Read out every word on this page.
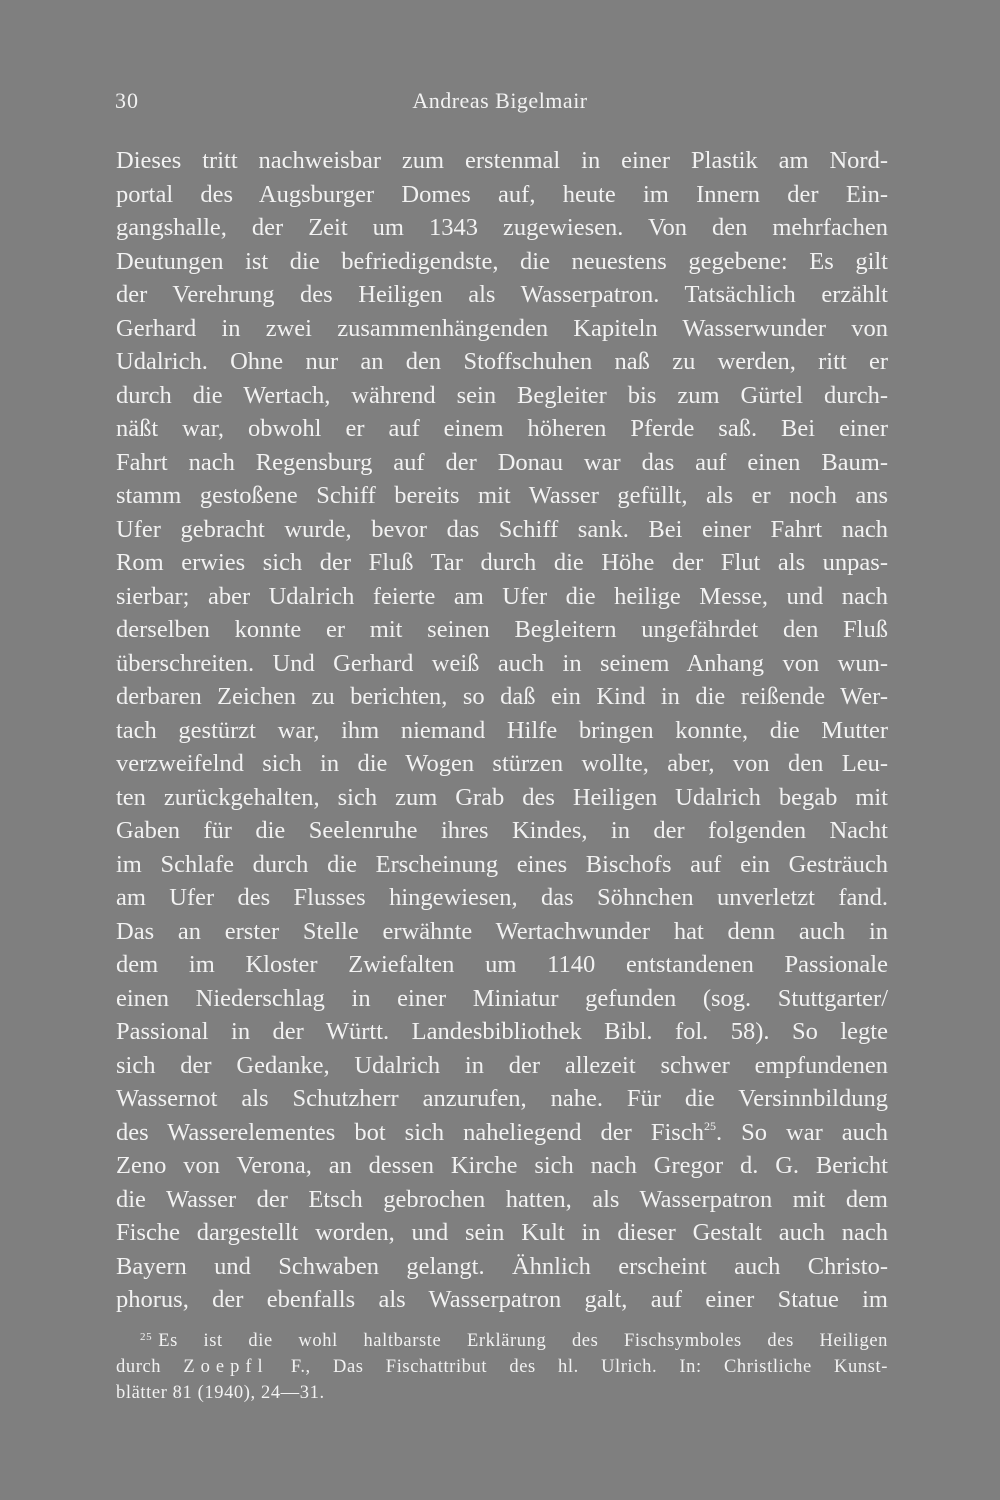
30	Andreas Bigelmair
Dieses tritt nachweisbar zum erstenmal in einer Plastik am Nord-
portal des Augsburger Domes auf, heute im Innern der Ein-
gangshalle, der Zeit um 1343 zugewiesen. Von den mehrfachen
Deutungen ist die befriedigendste, die neuestens gegebene: Es gilt
der Verehrung des Heiligen als Wasserpatron. Tatsächlich erzählt
Gerhard in zwei zusammenhängenden Kapiteln Wasserwunder von
Udalrich. Ohne nur an den Stoffschuhen naß zu werden, ritt er
durch die Wertach, während sein Begleiter bis zum Gürtel durch-
näßt war, obwohl er auf einem höheren Pferde saß. Bei einer
Fahrt nach Regensburg auf der Donau war das auf einen Baum-
stamm gestoßene Schiff bereits mit Wasser gefüllt, als er noch ans
Ufer gebracht wurde, bevor das Schiff sank. Bei einer Fahrt nach
Rom erwies sich der Fluß Tar durch die Höhe der Flut als unpas-
sierbar; aber Udalrich feierte am Ufer die heilige Messe, und nach
derselben konnte er mit seinen Begleitern ungefährdet den Fluß
überschreiten. Und Gerhard weiß auch in seinem Anhang von wun-
derbaren Zeichen zu berichten, so daß ein Kind in die reißende Wer-
tach gestürzt war, ihm niemand Hilfe bringen konnte, die Mutter
verzweifelnd sich in die Wogen stürzen wollte, aber, von den Leu-
ten zurückgehalten, sich zum Grab des Heiligen Udalrich begab mit
Gaben für die Seelenruhe ihres Kindes, in der folgenden Nacht
im Schlafe durch die Erscheinung eines Bischofs auf ein Gesträuch
am Ufer des Flusses hingewiesen, das Söhnchen unverletzt fand.
Das an erster Stelle erwähnte Wertachwunder hat denn auch in
dem im Kloster Zwiefalten um 1140 entstandenen Passionale
einen Niederschlag in einer Miniatur gefunden (sog. Stuttgarter/
Passional in der Württ. Landesbibliothek Bibl. fol. 58). So legte
sich der Gedanke, Udalrich in der allezeit schwer empfundenen
Wassernot als Schutzherr anzurufen, nahe. Für die Versinnbildung
des Wasserelementes bot sich naheliegend der Fisch$^{25}$. So war auch
Zeno von Verona, an dessen Kirche sich nach Gregor d. G. Bericht
die Wasser der Etsch gebrochen hatten, als Wasserpatron mit dem
Fische dargestellt worden, und sein Kult in dieser Gestalt auch nach
Bayern und Schwaben gelangt. Ähnlich erscheint auch Christo-
phorus, der ebenfalls als Wasserpatron galt, auf einer Statue im
$^{25}$ Es ist die wohl haltbarste Erklärung des Fischsymboles des Heiligen
durch Zoepfl F., Das Fischattribut des hl. Ulrich. In: Christliche Kunst-
blätter 81 (1940), 24—31.
